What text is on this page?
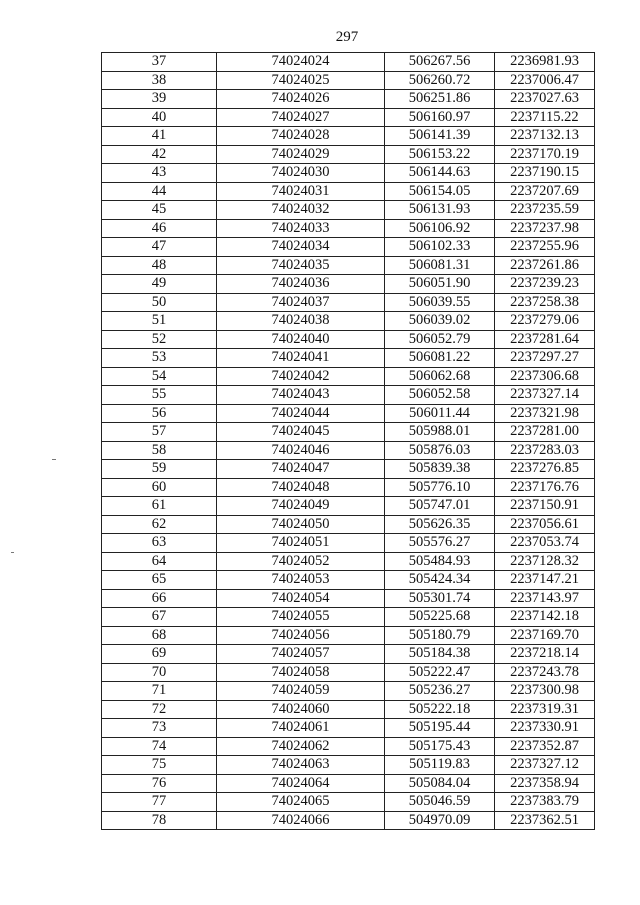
297
37	74024024	506267.56	2236981.93
38	74024025	506260.72	2237006.47
39	74024026	506251.86	2237027.63
40	74024027	506160.97	2237115.22
41	74024028	506141.39	2237132.13
42	74024029	506153.22	2237170.19
43	74024030	506144.63	2237190.15
44	74024031	506154.05	2237207.69
45	74024032	506131.93	2237235.59
46	74024033	506106.92	2237237.98
47	74024034	506102.33	2237255.96
48	74024035	506081.31	2237261.86
49	74024036	506051.90	2237239.23
50	74024037	506039.55	2237258.38
51	74024038	506039.02	2237279.06
52	74024040	506052.79	2237281.64
53	74024041	506081.22	2237297.27
54	74024042	506062.68	2237306.68
55	74024043	506052.58	2237327.14
56	74024044	506011.44	2237321.98
57	74024045	505988.01	2237281.00
58	74024046	505876.03	2237283.03
59	74024047	505839.38	2237276.85
60	74024048	505776.10	2237176.76
61	74024049	505747.01	2237150.91
62	74024050	505626.35	2237056.61
63	74024051	505576.27	2237053.74
64	74024052	505484.93	2237128.32
65	74024053	505424.34	2237147.21
66	74024054	505301.74	2237143.97
67	74024055	505225.68	2237142.18
68	74024056	505180.79	2237169.70
69	74024057	505184.38	2237218.14
70	74024058	505222.47	2237243.78
71	74024059	505236.27	2237300.98
72	74024060	505222.18	2237319.31
73	74024061	505195.44	2237330.91
74	74024062	505175.43	2237352.87
75	74024063	505119.83	2237327.12
76	74024064	505084.04	2237358.94
77	74024065	505046.59	2237383.79
78	74024066	504970.09	2237362.51
